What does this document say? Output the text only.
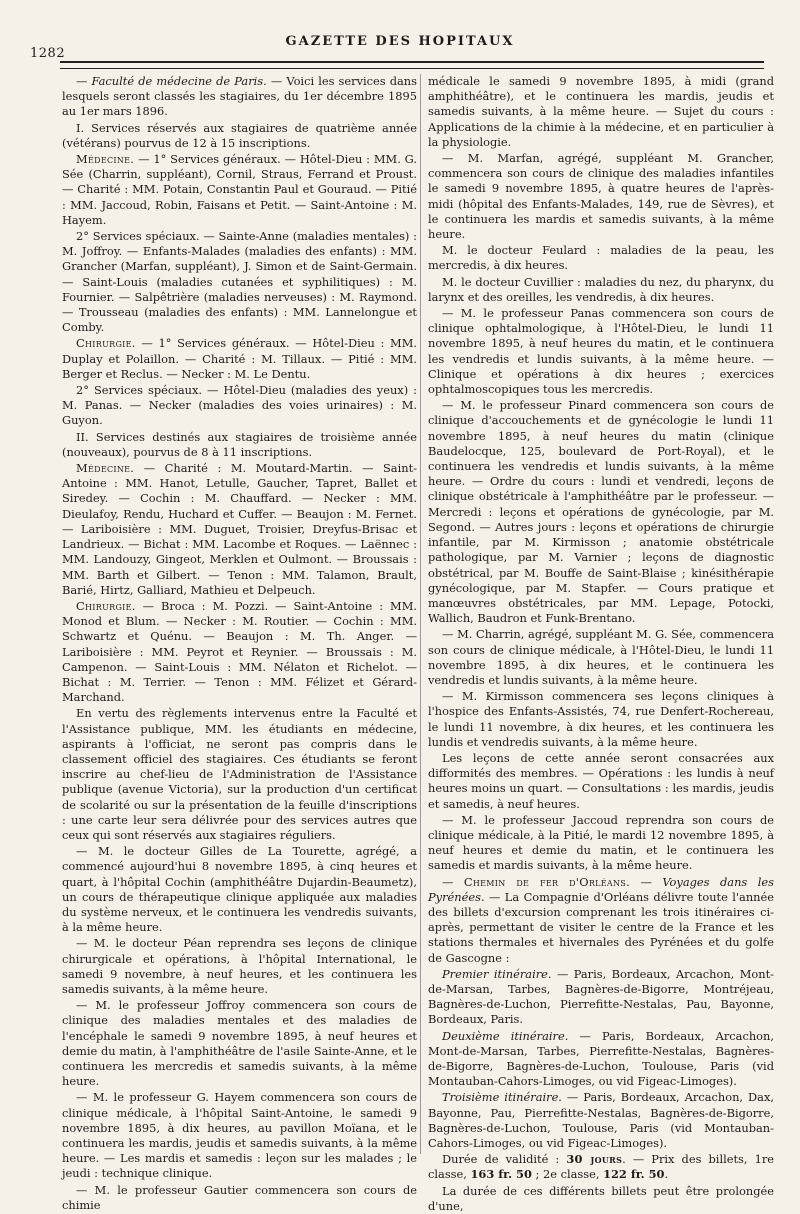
1282
GAZETTE DES HOPITAUX

— Faculté de médecine de Paris. — Voici les services dans lesquels seront classés les stagiaires, du 1er décembre 1895 au 1er mars 1896.

I. Services réservés aux stagiaires de quatrième année (vétérans) pourvus de 12 à 15 inscriptions.

Médecine. — 1° Services généraux. — Hôtel-Dieu : MM. G. Sée (Charrin, suppléant), Cornil, Straus, Ferrand et Proust. — Charité : MM. Potain, Constantin Paul et Gouraud. — Pitié : MM. Jaccoud, Robin, Faisans et Petit. — Saint-Antoine : M. Hayem.

2° Services spéciaux. — Sainte-Anne (maladies mentales) : M. Joffroy. — Enfants-Malades (maladies des enfants) : MM. Grancher (Marfan, suppléant), J. Simon et de Saint-Germain. — Saint-Louis (maladies cutanées et syphilitiques) : M. Fournier. — Salpêtrière (maladies nerveuses) : M. Raymond. — Trousseau (maladies des enfants) : MM. Lannelongue et Comby.

Chirurgie. — 1° Services généraux. — Hôtel-Dieu : MM. Duplay et Polaillon. — Charité : M. Tillaux. — Pitié : MM. Berger et Reclus. — Necker : M. Le Dentu.

2° Services spéciaux. — Hôtel-Dieu (maladies des yeux) : M. Panas. — Necker (maladies des voies urinaires) : M. Guyon.

II. Services destinés aux stagiaires de troisième année (nouveaux), pourvus de 8 à 11 inscriptions.

Médecine. — Charité : M. Moutard-Martin. — Saint-Antoine : MM. Hanot, Letulle, Gaucher, Tapret, Ballet et Siredey. — Cochin : M. Chauffard. — Necker : MM. Dieulafoy, Rendu, Huchard et Cuffer. — Beaujon : M. Fernet. — Lariboisière : MM. Duguet, Troisier, Dreyfus-Brisac et Landrieux. — Bichat : MM. Lacombe et Roques. — Laënnec : MM. Landouzy, Gingeot, Merklen et Oulmont. — Broussais : MM. Barth et Gilbert. — Tenon : MM. Talamon, Brault, Barié, Hirtz, Galliard, Mathieu et Delpeuch.

Chirurgie. — Broca : M. Pozzi. — Saint-Antoine : MM. Monod et Blum. — Necker : M. Routier. — Cochin : MM. Schwartz et Quénu. — Beaujon : M. Th. Anger. — Lariboisière : MM. Peyrot et Reynier. — Broussais : M. Campenon. — Saint-Louis : MM. Nélaton et Richelot. — Bichat : M. Terrier. — Tenon : MM. Félizet et Gérard-Marchand.

En vertu des règlements intervenus entre la Faculté et l'Assistance publique, MM. les étudiants en médecine, aspirants à l'officiat, ne seront pas compris dans le classement officiel des stagiaires. Ces étudiants se feront inscrire au chef-lieu de l'Administration de l'Assistance publique (avenue Victoria), sur la production d'un certificat de scolarité ou sur la présentation de la feuille d'inscriptions : une carte leur sera délivrée pour des services autres que ceux qui sont réservés aux stagiaires réguliers.

— M. le docteur Gilles de La Tourette, agrégé, a commencé aujourd'hui 8 novembre 1895, à cinq heures et quart, à l'hôpital Cochin (amphithéâtre Dujardin-Beaumetz), un cours de thérapeutique clinique appliquée aux maladies du système nerveux, et le continuera les vendredis suivants, à la même heure.

— M. le docteur Péan reprendra ses leçons de clinique chirurgicale et opérations, à l'hôpital International, le samedi 9 novembre, à neuf heures, et les continuera les samedis suivants, à la même heure.

— M. le professeur Joffroy commencera son cours de clinique des maladies mentales et des maladies de l'encéphale le samedi 9 novembre 1895, à neuf heures et demie du matin, à l'amphithéâtre de l'asile Sainte-Anne, et le continuera les mercredis et samedis suivants, à la même heure.

— M. le professeur G. Hayem commencera son cours de clinique médicale, à l'hôpital Saint-Antoine, le samedi 9 novembre 1895, à dix heures, au pavillon Moïana, et le continuera les mardis, jeudis et samedis suivants, à la même heure. — Les mardis et samedis : leçon sur les malades ; le jeudi : technique clinique.

— M. le professeur Gautier commencera son cours de chimie

médicale le samedi 9 novembre 1895, à midi (grand amphithéâtre), et le continuera les mardis, jeudis et samedis suivants, à la même heure. — Sujet du cours : Applications de la chimie à la médecine, et en particulier à la physiologie.

— M. Marfan, agrégé, suppléant M. Grancher, commencera son cours de clinique des maladies infantiles le samedi 9 novembre 1895, à quatre heures de l'après-midi (hôpital des Enfants-Malades, 149, rue de Sèvres), et le continuera les mardis et samedis suivants, à la même heure.

M. le docteur Feulard : maladies de la peau, les mercredis, à dix heures.

M. le docteur Cuvillier : maladies du nez, du pharynx, du larynx et des oreilles, les vendredis, à dix heures.

— M. le professeur Panas commencera son cours de clinique ophtalmologique, à l'Hôtel-Dieu, le lundi 11 novembre 1895, à neuf heures du matin, et le continuera les vendredis et lundis suivants, à la même heure. — Clinique et opérations à dix heures ; exercices ophtalmoscopiques tous les mercredis.

— M. le professeur Pinard commencera son cours de clinique d'accouchements et de gynécologie le lundi 11 novembre 1895, à neuf heures du matin (clinique Baudelocque, 125, boulevard de Port-Royal), et le continuera les vendredis et lundis suivants, à la même heure. — Ordre du cours : lundi et vendredi, leçons de clinique obstétricale à l'amphithéâtre par le professeur. — Mercredi : leçons et opérations de gynécologie, par M. Segond. — Autres jours : leçons et opérations de chirurgie infantile, par M. Kirmisson ; anatomie obstétricale pathologique, par M. Varnier ; leçons de diagnostic obstétrical, par M. Bouffe de Saint-Blaise ; kinésithérapie gynécologique, par M. Stapfer. — Cours pratique et manœuvres obstétricales, par MM. Lepage, Potocki, Wallich, Baudron et Funk-Brentano.

— M. Charrin, agrégé, suppléant M. G. Sée, commencera son cours de clinique médicale, à l'Hôtel-Dieu, le lundi 11 novembre 1895, à dix heures, et le continuera les vendredis et lundis suivants, à la même heure.

— M. Kirmisson commencera ses leçons cliniques à l'hospice des Enfants-Assistés, 74, rue Denfert-Rochereau, le lundi 11 novembre, à dix heures, et les continuera les lundis et vendredis suivants, à la même heure.

Les leçons de cette année seront consacrées aux difformités des membres. — Opérations : les lundis à neuf heures moins un quart. — Consultations : les mardis, jeudis et samedis, à neuf heures.

— M. le professeur Jaccoud reprendra son cours de clinique médicale, à la Pitié, le mardi 12 novembre 1895, à neuf heures et demie du matin, et le continuera les samedis et mardis suivants, à la même heure.

— Chemin de fer d'Orléans. — Voyages dans les Pyrénées. — La Compagnie d'Orléans délivre toute l'année des billets d'excursion comprenant les trois itinéraires ci-après, permettant de visiter le centre de la France et les stations thermales et hivernales des Pyrénées et du golfe de Gascogne :

Premier itinéraire. — Paris, Bordeaux, Arcachon, Mont-de-Marsan, Tarbes, Bagnères-de-Bigorre, Montréjeau, Bagnères-de-Luchon, Pierrefitte-Nestalas, Pau, Bayonne, Bordeaux, Paris.

Deuxième itinéraire. — Paris, Bordeaux, Arcachon, Mont-de-Marsan, Tarbes, Pierrefitte-Nestalas, Bagnères-de-Bigorre, Bagnères-de-Luchon, Toulouse, Paris (vid Montauban-Cahors-Limoges, ou vid Figeac-Limoges).

Troisième itinéraire. — Paris, Bordeaux, Arcachon, Dax, Bayonne, Pau, Pierrefitte-Nestalas, Bagnères-de-Bigorre, Bagnères-de-Luchon, Toulouse, Paris (vid Montauban-Cahors-Limoges, ou vid Figeac-Limoges).

Durée de validité : 30 jours. — Prix des billets, 1re classe, 163 fr. 50 ; 2e classe, 122 fr. 50.

La durée de ces différents billets peut être prolongée d'une,
